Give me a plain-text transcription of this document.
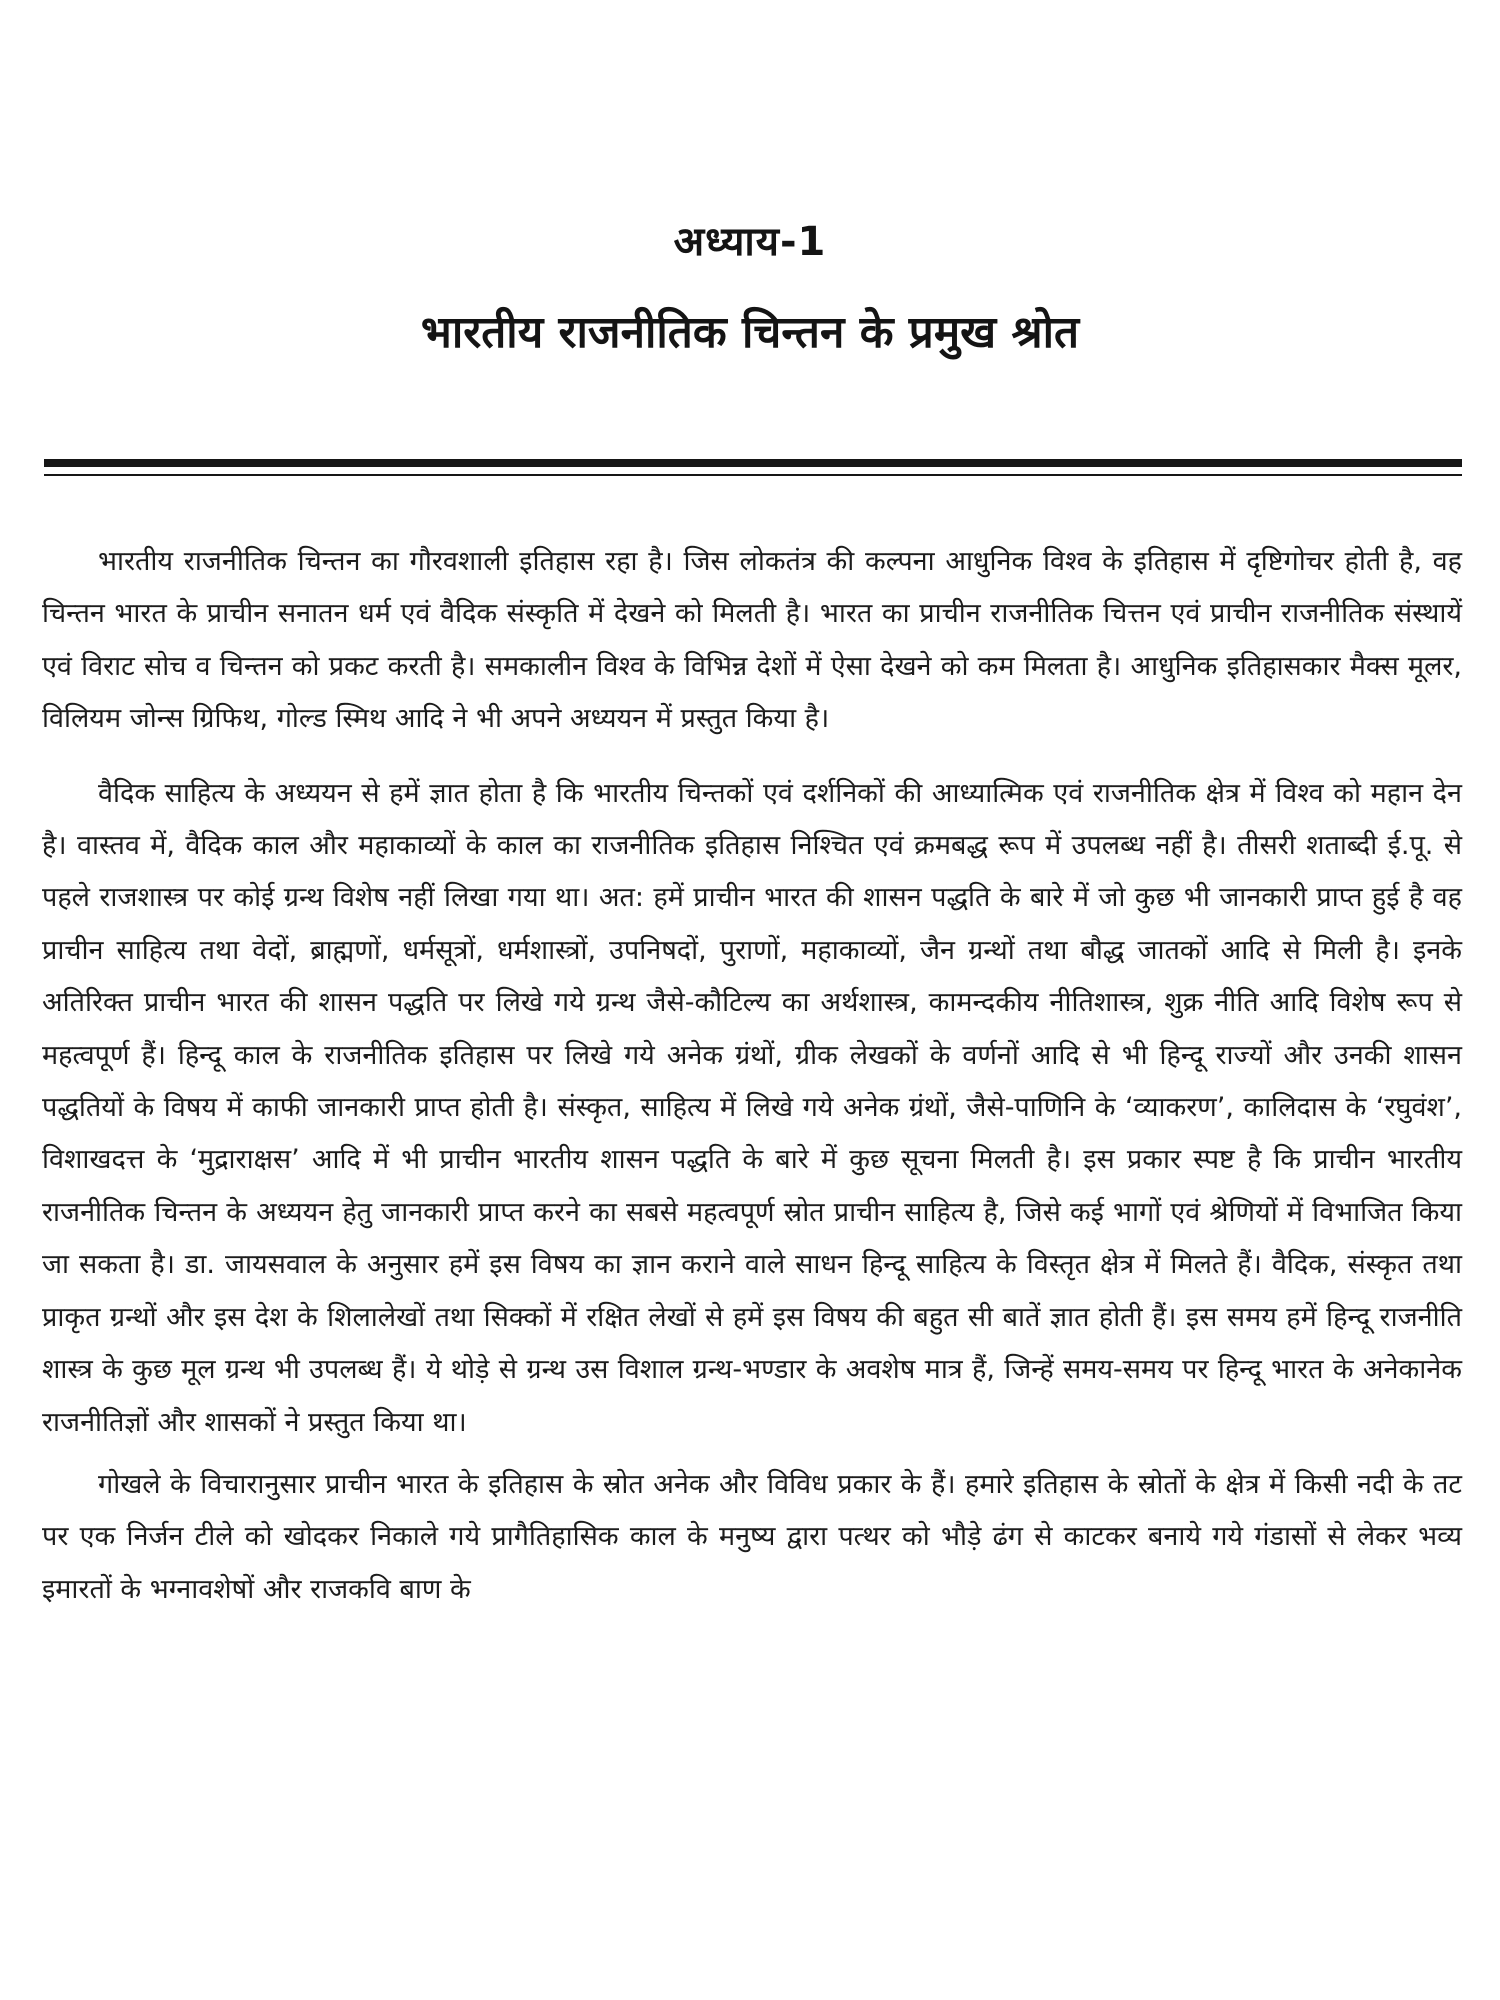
अध्याय-1
भारतीय राजनीतिक चिन्तन के प्रमुख श्रोत

भारतीय राजनीतिक चिन्तन का गौरवशाली इतिहास रहा है। जिस लोकतंत्र की कल्पना आधुनिक विश्व के इतिहास में दृष्टिगोचर होती है, वह चिन्तन भारत के प्राचीन सनातन धर्म एवं वैदिक संस्कृति में देखने को मिलती है। भारत का प्राचीन राजनीतिक चित्तन एवं प्राचीन राजनीतिक संस्थायें एवं विराट सोच व चिन्तन को प्रकट करती है। समकालीन विश्व के विभिन्न देशों में ऐसा देखने को कम मिलता है। आधुनिक इतिहासकार मैक्स मूलर, विलियम जोन्स ग्रिफिथ, गोल्ड स्मिथ आदि ने भी अपने अध्ययन में प्रस्तुत किया है।

वैदिक साहित्य के अध्ययन से हमें ज्ञात होता है कि भारतीय चिन्तकों एवं दर्शनिकों की आध्यात्मिक एवं राजनीतिक क्षेत्र में विश्व को महान देन है। वास्तव में, वैदिक काल और महाकाव्यों के काल का राजनीतिक इतिहास निश्चित एवं क्रमबद्ध रूप में उपलब्ध नहीं है। तीसरी शताब्दी ई.पू. से पहले राजशास्त्र पर कोई ग्रन्थ विशेष नहीं लिखा गया था। अत: हमें प्राचीन भारत की शासन पद्धति के बारे में जो कुछ भी जानकारी प्राप्त हुई है वह प्राचीन साहित्य तथा वेदों, ब्राह्मणों, धर्मसूत्रों, धर्मशास्त्रों, उपनिषदों, पुराणों, महाकाव्यों, जैन ग्रन्थों तथा बौद्ध जातकों आदि से मिली है। इनके अतिरिक्त प्राचीन भारत की शासन पद्धति पर लिखे गये ग्रन्थ जैसे-कौटिल्य का अर्थशास्त्र, कामन्दकीय नीतिशास्त्र, शुक्र नीति आदि विशेष रूप से महत्वपूर्ण हैं। हिन्दू काल के राजनीतिक इतिहास पर लिखे गये अनेक ग्रंथों, ग्रीक लेखकों के वर्णनों आदि से भी हिन्दू राज्यों और उनकी शासन पद्धतियों के विषय में काफी जानकारी प्राप्त होती है। संस्कृत, साहित्य में लिखे गये अनेक ग्रंथों, जैसे-पाणिनि के ‘व्याकरण’, कालिदास के ‘रघुवंश’, विशाखदत्त के ‘मुद्राराक्षस’ आदि में भी प्राचीन भारतीय शासन पद्धति के बारे में कुछ सूचना मिलती है। इस प्रकार स्पष्ट है कि प्राचीन भारतीय राजनीतिक चिन्तन के अध्ययन हेतु जानकारी प्राप्त करने का सबसे महत्वपूर्ण स्रोत प्राचीन साहित्य है, जिसे कई भागों एवं श्रेणियों में विभाजित किया जा सकता है। डा. जायसवाल के अनुसार हमें इस विषय का ज्ञान कराने वाले साधन हिन्दू साहित्य के विस्तृत क्षेत्र में मिलते हैं। वैदिक, संस्कृत तथा प्राकृत ग्रन्थों और इस देश के शिलालेखों तथा सिक्कों में रक्षित लेखों से हमें इस विषय की बहुत सी बातें ज्ञात होती हैं। इस समय हमें हिन्दू राजनीति शास्त्र के कुछ मूल ग्रन्थ भी उपलब्ध हैं। ये थोड़े से ग्रन्थ उस विशाल ग्रन्थ-भण्डार के अवशेष मात्र हैं, जिन्हें समय-समय पर हिन्दू भारत के अनेकानेक राजनीतिज्ञों और शासकों ने प्रस्तुत किया था।

गोखले के विचारानुसार प्राचीन भारत के इतिहास के स्रोत अनेक और विविध प्रकार के हैं। हमारे इतिहास के स्रोतों के क्षेत्र में किसी नदी के तट पर एक निर्जन टीले को खोदकर निकाले गये प्रागैतिहासिक काल के मनुष्य द्वारा पत्थर को भौड़े ढंग से काटकर बनाये गये गंडासों से लेकर भव्य इमारतों के भग्नावशेषों और राजकवि बाण के
